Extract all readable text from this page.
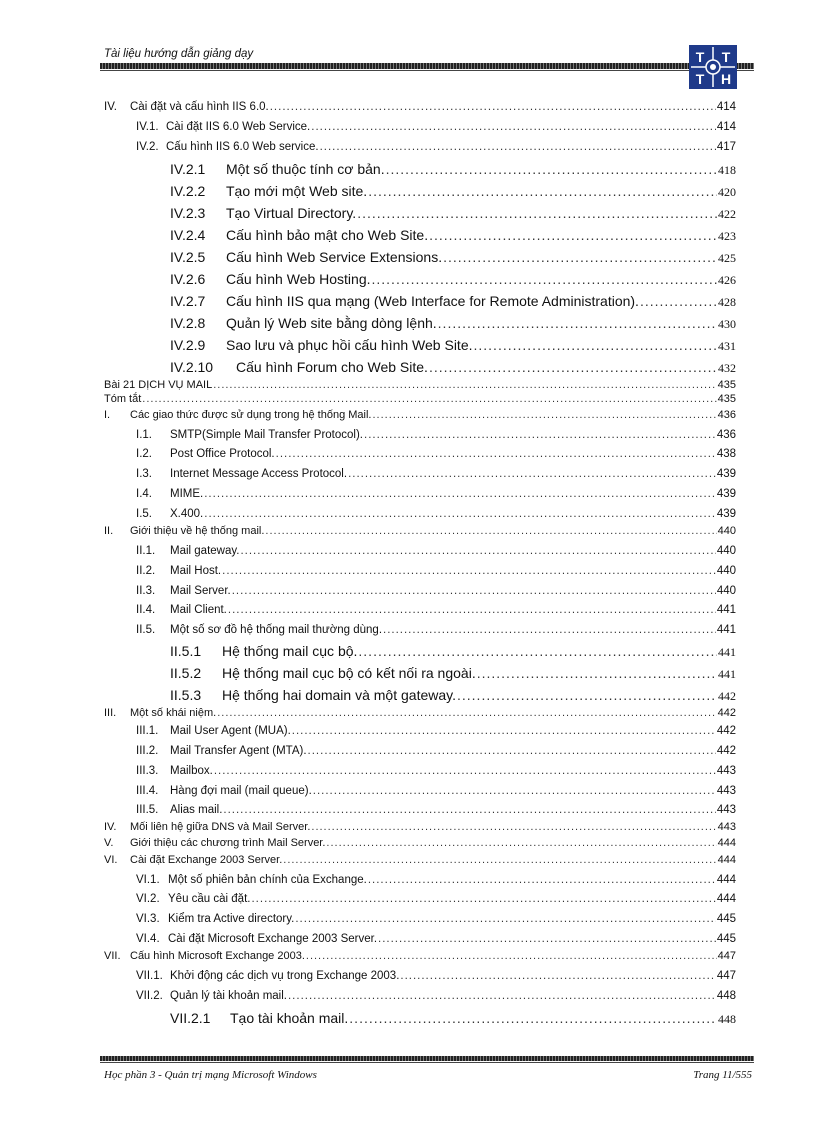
Tài liệu hướng dẫn giảng dạy	T T
T H
IV. Cài đặt và cấu hình IIS 6.0. .....	414
IV.1. Cài đặt IIS 6.0 Web Service. .....	414
IV.2. Cấu hình IIS 6.0 Web service. .....	417
IV.2.1 Một số thuộc tính cơ bản. .....	418
IV.2.2 Tạo mới một Web site. .....	420
IV.2.3 Tạo Virtual Directory. .....	422
IV.2.4 Cấu hình bảo mật cho Web Site. .....	423
IV.2.5 Cấu hình Web Service Extensions. .....	425
IV.2.6 Cấu hình Web Hosting. .....	426
IV.2.7 Cấu hình IIS qua mạng (Web Interface for Remote Administration). .....	428
IV.2.8 Quản lý Web site bằng dòng lệnh. .....	430
IV.2.9 Sao lưu và phục hồi cấu hình Web Site. .....	431
IV.2.10 Cấu hình Forum cho Web Site. .....	432
Bài 21 DỊCH VỤ MAIL .....	435
Tóm tắt .....	435
I. Các giao thức được sử dụng trong hệ thống Mail. .....	436
I.1. SMTP(Simple Mail Transfer Protocol). .....	436
I.2. Post Office Protocol. .....	438
I.3. Internet Message Access Protocol. .....	439
I.4. MIME. .....	439
I.5. X.400. .....	439
II. Giới thiệu về hệ thống mail. .....	440
II.1. Mail gateway. .....	440
II.2. Mail Host. .....	440
II.3. Mail Server. .....	440
II.4. Mail Client. .....	441
II.5. Một số sơ đồ hệ thống mail thường dùng. .....	441
II.5.1 Hệ thống mail cục bộ. .....	441
II.5.2 Hệ thống mail cục bộ có kết nối ra ngoài. .....	441
II.5.3 Hệ thống hai domain và một gateway. .....	442
III. Một số khái niệm. .....	442
III.1. Mail User Agent (MUA). .....	442
III.2. Mail Transfer Agent (MTA). .....	442
III.3. Mailbox. .....	443
III.4. Hàng đợi mail (mail queue). .....	443
III.5. Alias mail. .....	443
IV. Mối liên hệ giữa DNS và Mail Server. .....	443
V. Giới thiệu các chương trình Mail Server. .....	444
VI. Cài đặt Exchange 2003 Server. .....	444
VI.1. Một số phiên bản chính của Exchange. .....	444
VI.2. Yêu cầu cài đặt. .....	444
VI.3. Kiểm tra Active directory. .....	445
VI.4. Cài đặt Microsoft Exchange 2003 Server. .....	445
VII. Cấu hình Microsoft Exchange 2003. .....	447
VII.1. Khởi động các dịch vụ trong Exchange 2003. .....	447
VII.2. Quản lý tài khoản mail. .....	448
VII.2.1 Tạo tài khoản mail. .....	448
Học phần 3 - Quản trị mạng Microsoft Windows	Trang 11/555
